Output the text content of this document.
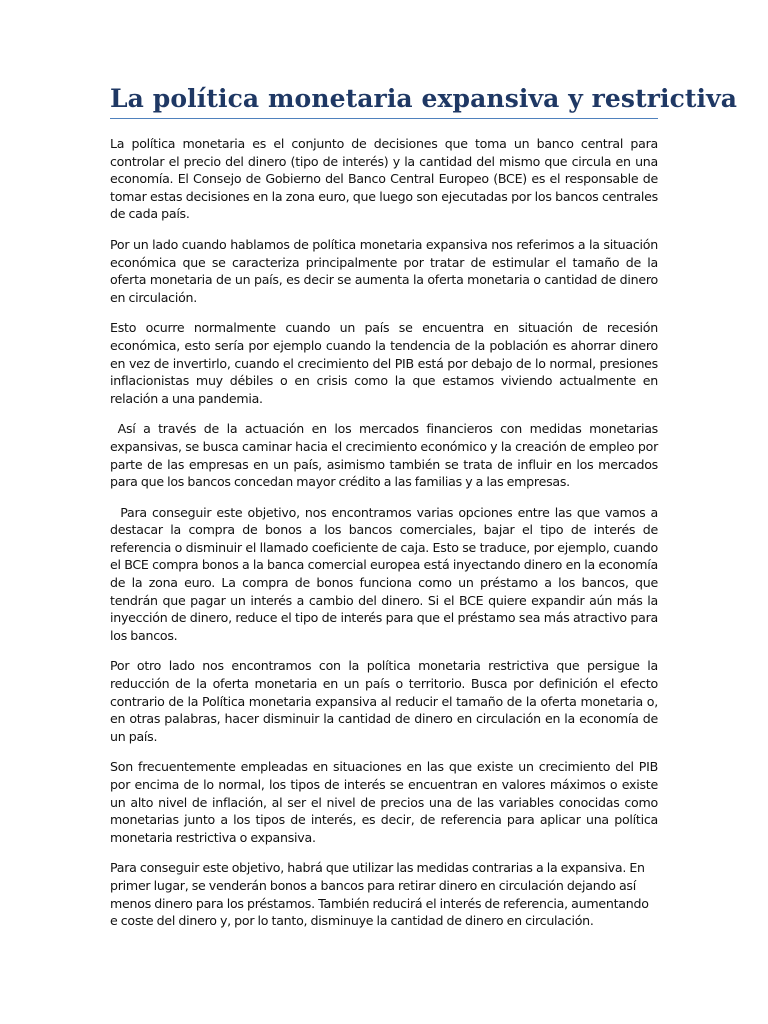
La política monetaria expansiva y restrictiva

La política monetaria es el conjunto de decisiones que toma un banco central para controlar el precio del dinero (tipo de interés) y la cantidad del mismo que circula en una economía. El Consejo de Gobierno del Banco Central Europeo (BCE) es el responsable de tomar estas decisiones en la zona euro, que luego son ejecutadas por los bancos centrales de cada país.

Por un lado cuando hablamos de política monetaria expansiva nos referimos a la situación económica que se caracteriza principalmente por tratar de estimular el tamaño de la oferta monetaria de un país, es decir se aumenta la oferta monetaria o cantidad de dinero en circulación.

Esto ocurre normalmente cuando un país se encuentra en situación de recesión económica, esto sería por ejemplo cuando la tendencia de la población es ahorrar dinero en vez de invertirlo, cuando el crecimiento del PIB está por debajo de lo normal, presiones inflacionistas muy débiles o en crisis como la que estamos viviendo actualmente en relación a una pandemia.

Así a través de la actuación en los mercados financieros con medidas monetarias expansivas, se busca caminar hacia el crecimiento económico y la creación de empleo por parte de las empresas en un país, asimismo también se trata de influir en los mercados para que los bancos concedan mayor crédito a las familias y a las empresas.

Para conseguir este objetivo, nos encontramos varias opciones entre las que vamos a destacar la compra de bonos a los bancos comerciales, bajar el tipo de interés de referencia o disminuir el llamado coeficiente de caja. Esto se traduce, por ejemplo, cuando el BCE compra bonos a la banca comercial europea está inyectando dinero en la economía de la zona euro. La compra de bonos funciona como un préstamo a los bancos, que tendrán que pagar un interés a cambio del dinero. Si el BCE quiere expandir aún más la inyección de dinero, reduce el tipo de interés para que el préstamo sea más atractivo para los bancos.

Por otro lado nos encontramos con la política monetaria restrictiva que persigue la reducción de la oferta monetaria en un país o territorio. Busca por definición el efecto contrario de la Política monetaria expansiva al reducir el tamaño de la oferta monetaria o, en otras palabras, hacer disminuir la cantidad de dinero en circulación en la economía de un país.

Son frecuentemente empleadas en situaciones en las que existe un crecimiento del PIB por encima de lo normal, los tipos de interés se encuentran en valores máximos o existe un alto nivel de inflación, al ser el nivel de precios una de las variables conocidas como monetarias junto a los tipos de interés, es decir, de referencia para aplicar una política monetaria restrictiva o expansiva.

Para conseguir este objetivo, habrá que utilizar las medidas contrarias a la expansiva. En primer lugar, se venderán bonos a bancos para retirar dinero en circulación dejando así menos dinero para los préstamos. También reducirá el interés de referencia, aumentando e coste del dinero y, por lo tanto, disminuye la cantidad de dinero en circulación.
